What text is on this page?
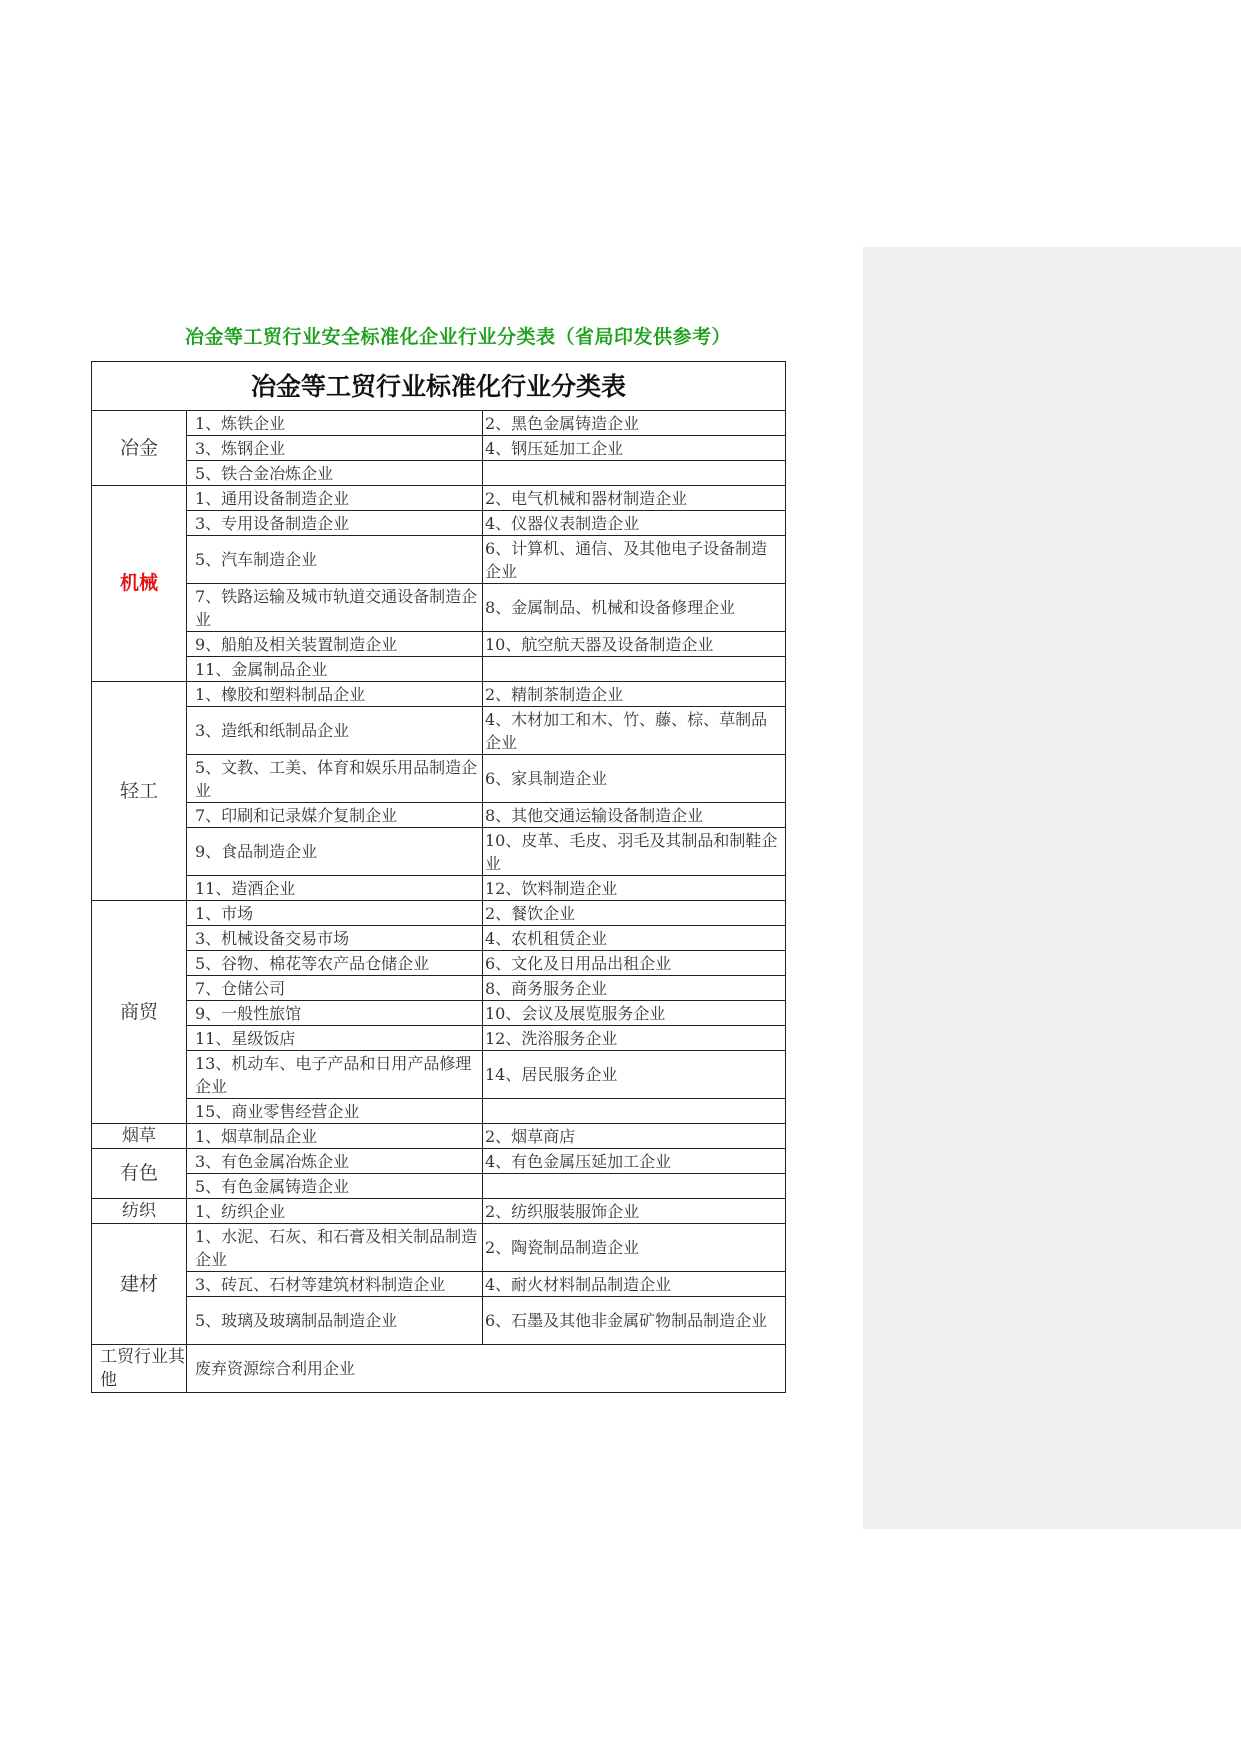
冶金等工贸行业安全标准化企业行业分类表（省局印发供参考）
冶金等工贸行业标准化行业分类表		
冶金	1、炼铁企业	2、黑色金属铸造企业
	3、炼钢企业	4、钢压延加工企业
	5、铁合金冶炼企业	
机械	1、通用设备制造企业	2、电气机械和器材制造企业
	3、专用设备制造企业	4、仪器仪表制造企业
	5、汽车制造企业	6、计算机、通信、及其他电子设备制造企业
	7、铁路运输及城市轨道交通设备制造企业	8、金属制品、机械和设备修理企业
	9、船舶及相关装置制造企业	10、航空航天器及设备制造企业
	11、金属制品企业	
轻工	1、橡胶和塑料制品企业	2、精制茶制造企业
	3、造纸和纸制品企业	4、木材加工和木、竹、藤、棕、草制品企业
	5、文教、工美、体育和娱乐用品制造企业	6、家具制造企业
	7、印刷和记录媒介复制企业	8、其他交通运输设备制造企业
	9、食品制造企业	10、皮革、毛皮、羽毛及其制品和制鞋企业
	11、造酒企业	12、饮料制造企业
商贸	1、市场	2、餐饮企业
	3、机械设备交易市场	4、农机租赁企业
	5、谷物、棉花等农产品仓储企业	6、文化及日用品出租企业
	7、仓储公司	8、商务服务企业
	9、一般性旅馆	10、会议及展览服务企业
	11、星级饭店	12、洗浴服务企业
	13、机动车、电子产品和日用产品修理企业	14、居民服务企业
	15、商业零售经营企业	
烟草	1、烟草制品企业	2、烟草商店
有色	3、有色金属冶炼企业	4、有色金属压延加工企业
	5、有色金属铸造企业	
纺织	1、纺织企业	2、纺织服装服饰企业
建材	1、水泥、石灰、和石膏及相关制品制造企业	2、陶瓷制品制造企业
	3、砖瓦、石材等建筑材料制造企业	4、耐火材料制品制造企业
	5、玻璃及玻璃制品制造企业	6、石墨及其他非金属矿物制品制造企业
工贸行业其他	废弃资源综合利用企业	
